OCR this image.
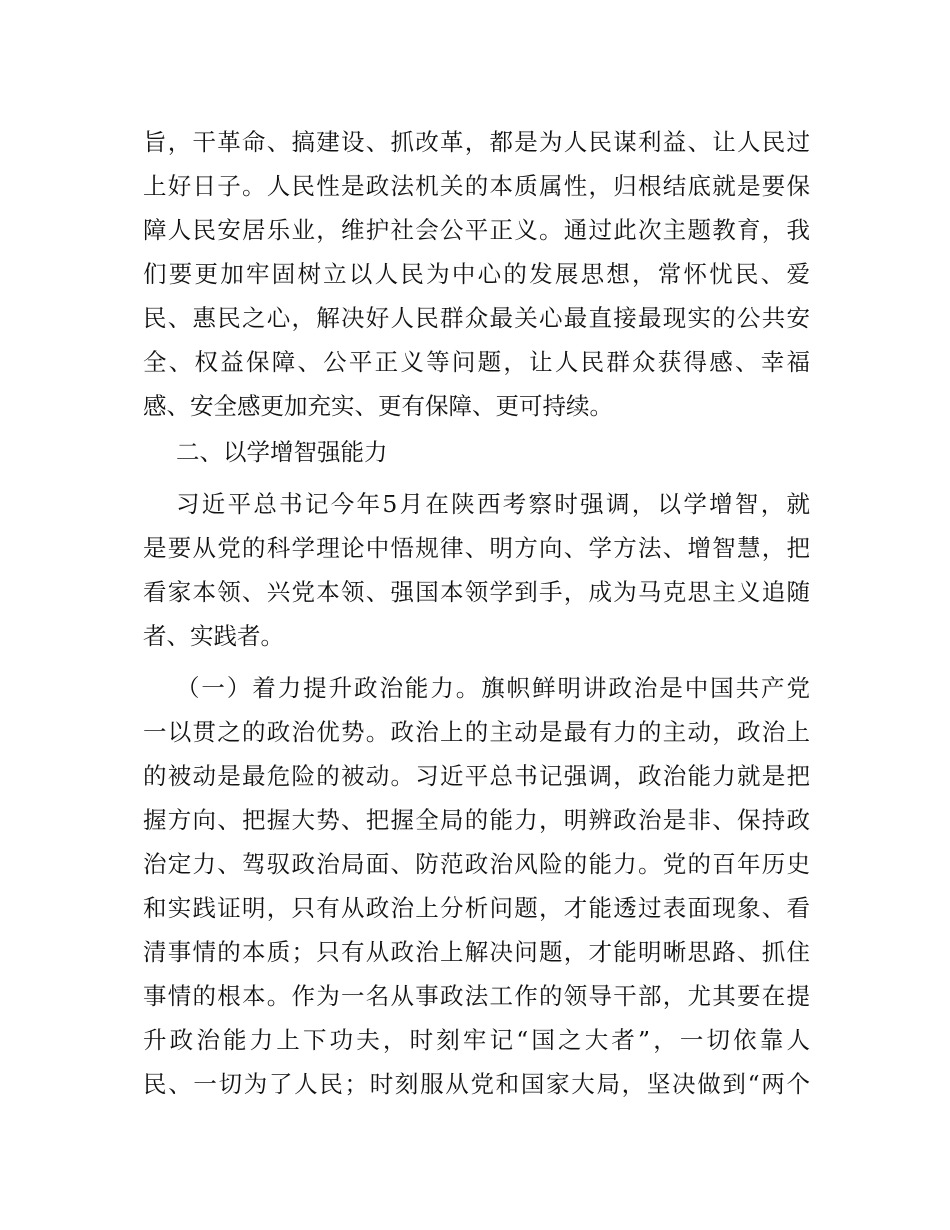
旨，干革命、搞建设、抓改革，都是为人民谋利益、让人民过
上好日子。人民性是政法机关的本质属性，归根结底就是要保
障人民安居乐业，维护社会公平正义。通过此次主题教育，我
们要更加牢固树立以人民为中心的发展思想，常怀忧民、爱
民、惠民之心，解决好人民群众最关心最直接最现实的公共安
全、权益保障、公平正义等问题，让人民群众获得感、幸福
感、安全感更加充实、更有保障、更可持续。
二、以学增智强能力
习近平总书记今年5月在陕西考察时强调，以学增智，就
是要从党的科学理论中悟规律、明方向、学方法、增智慧，把
看家本领、兴党本领、强国本领学到手，成为马克思主义追随
者、实践者。
（一）着力提升政治能力。旗帜鲜明讲政治是中国共产党
一以贯之的政治优势。政治上的主动是最有力的主动，政治上
的被动是最危险的被动。习近平总书记强调，政治能力就是把
握方向、把握大势、把握全局的能力，明辨政治是非、保持政
治定力、驾驭政治局面、防范政治风险的能力。党的百年历史
和实践证明，只有从政治上分析问题，才能透过表面现象、看
清事情的本质；只有从政治上解决问题，才能明晰思路、抓住
事情的根本。作为一名从事政法工作的领导干部，尤其要在提
升政治能力上下功夫，时刻牢记“国之大者”，一切依靠人
民、一切为了人民；时刻服从党和国家大局，坚决做到“两个
